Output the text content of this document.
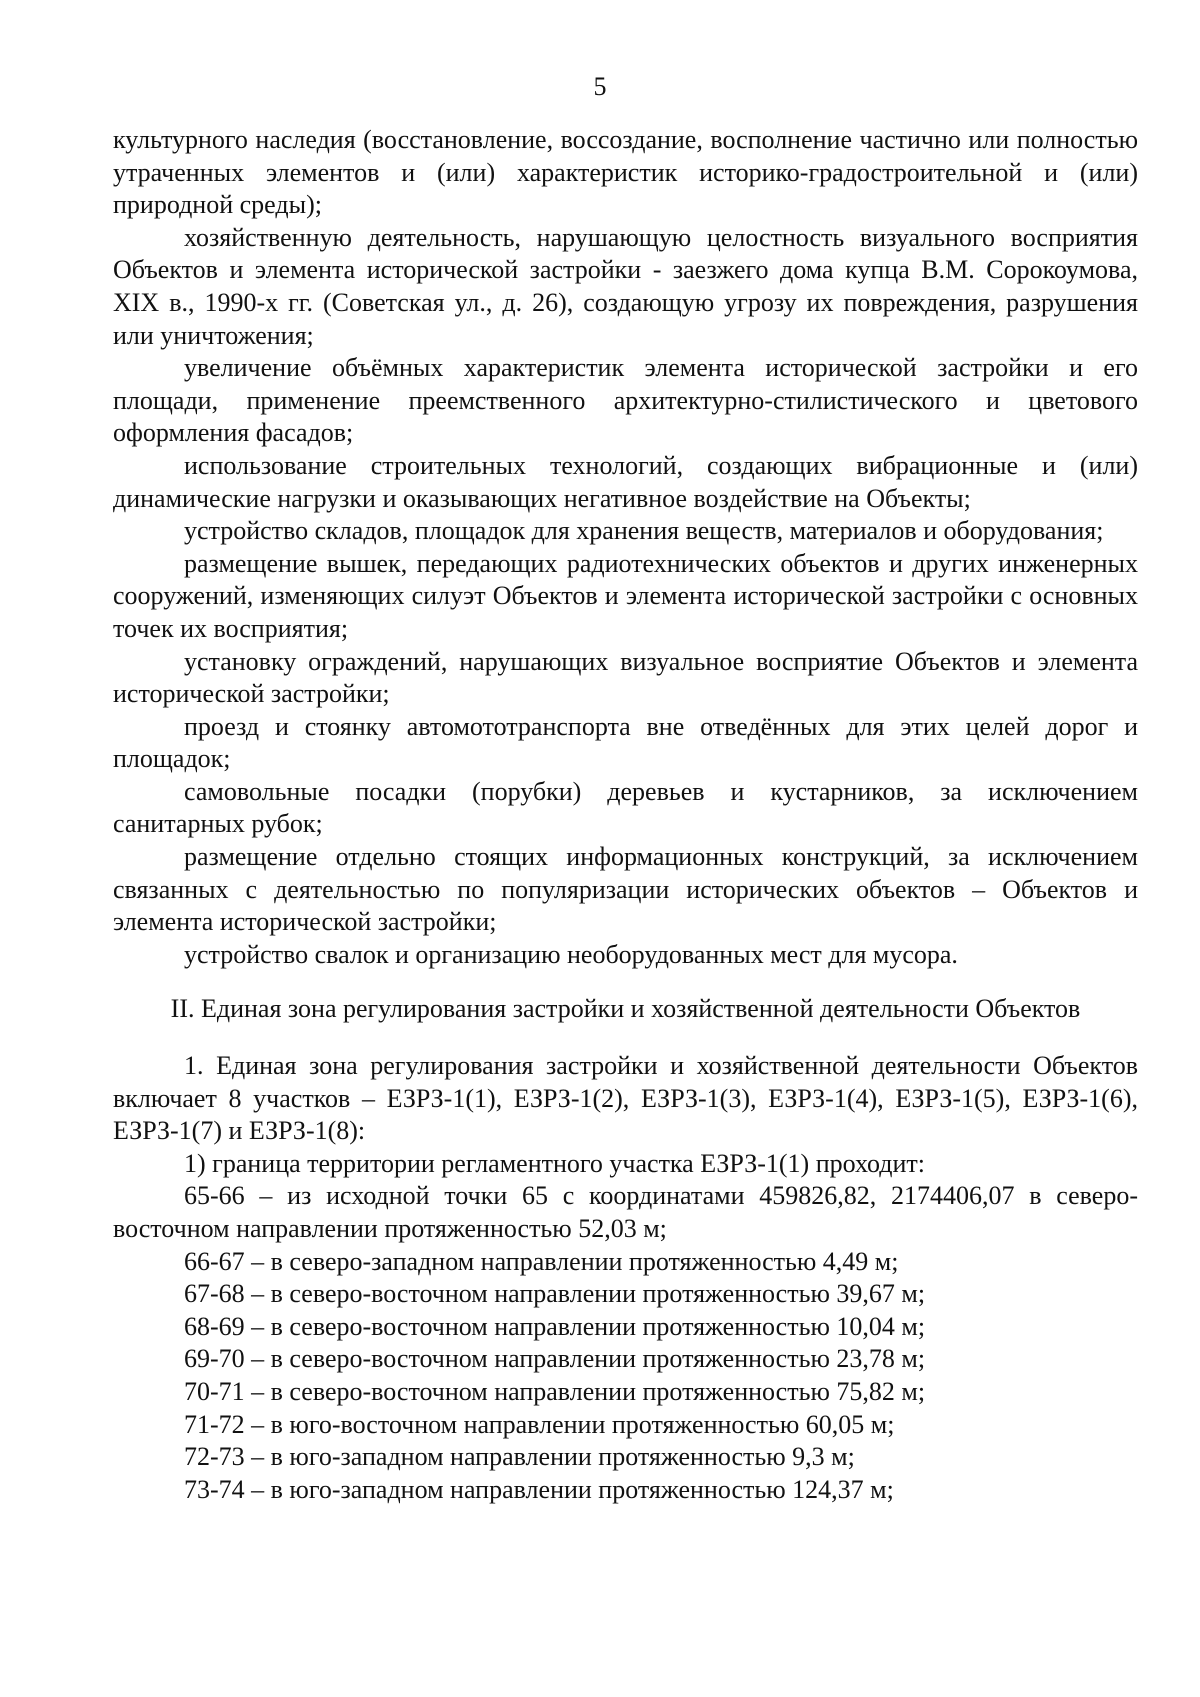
5

культурного наследия (восстановление, воссоздание, восполнение частично или полностью утраченных элементов и (или) характеристик историко-градостроительной и (или) природной среды);

хозяйственную деятельность, нарушающую целостность визуального восприятия Объектов и элемента исторической застройки - заезжего дома купца В.М. Сорокоумова, XIX в., 1990-х гг. (Советская ул., д. 26), создающую угрозу их повреждения, разрушения или уничтожения;

увеличение объёмных характеристик элемента исторической застройки и его площади, применение преемственного архитектурно-стилистического и цветового оформления фасадов;

использование строительных технологий, создающих вибрационные и (или) динамические нагрузки и оказывающих негативное воздействие на Объекты;

устройство складов, площадок для хранения веществ, материалов и оборудования;

размещение вышек, передающих радиотехнических объектов и других инженерных сооружений, изменяющих силуэт Объектов и элемента исторической застройки с основных точек их восприятия;

установку ограждений, нарушающих визуальное восприятие Объектов и элемента исторической застройки;

проезд и стоянку автомототранспорта вне отведённых для этих целей дорог и площадок;

самовольные посадки (порубки) деревьев и кустарников, за исключением санитарных рубок;

размещение отдельно стоящих информационных конструкций, за исключением связанных с деятельностью по популяризации исторических объектов – Объектов и элемента исторической застройки;

устройство свалок и организацию необорудованных мест для мусора.

II. Единая зона регулирования застройки и хозяйственной деятельности Объектов

1. Единая зона регулирования застройки и хозяйственной деятельности Объектов включает 8 участков – ЕЗРЗ-1(1), ЕЗРЗ-1(2), ЕЗРЗ-1(3), ЕЗРЗ-1(4), ЕЗРЗ-1(5), ЕЗРЗ-1(6), ЕЗРЗ-1(7) и ЕЗРЗ-1(8):

1) граница территории регламентного участка ЕЗРЗ-1(1) проходит:

65-66 – из исходной точки 65 с координатами 459826,82, 2174406,07 в северо-восточном направлении протяженностью 52,03 м;

66-67 – в северо-западном направлении протяженностью 4,49 м;

67-68 – в северо-восточном направлении протяженностью 39,67 м;

68-69 – в северо-восточном направлении протяженностью 10,04 м;

69-70 – в северо-восточном направлении протяженностью 23,78 м;

70-71 – в северо-восточном направлении протяженностью 75,82 м;

71-72 – в юго-восточном направлении протяженностью 60,05 м;

72-73 – в юго-западном направлении протяженностью 9,3 м;

73-74 – в юго-западном направлении протяженностью 124,37 м;
